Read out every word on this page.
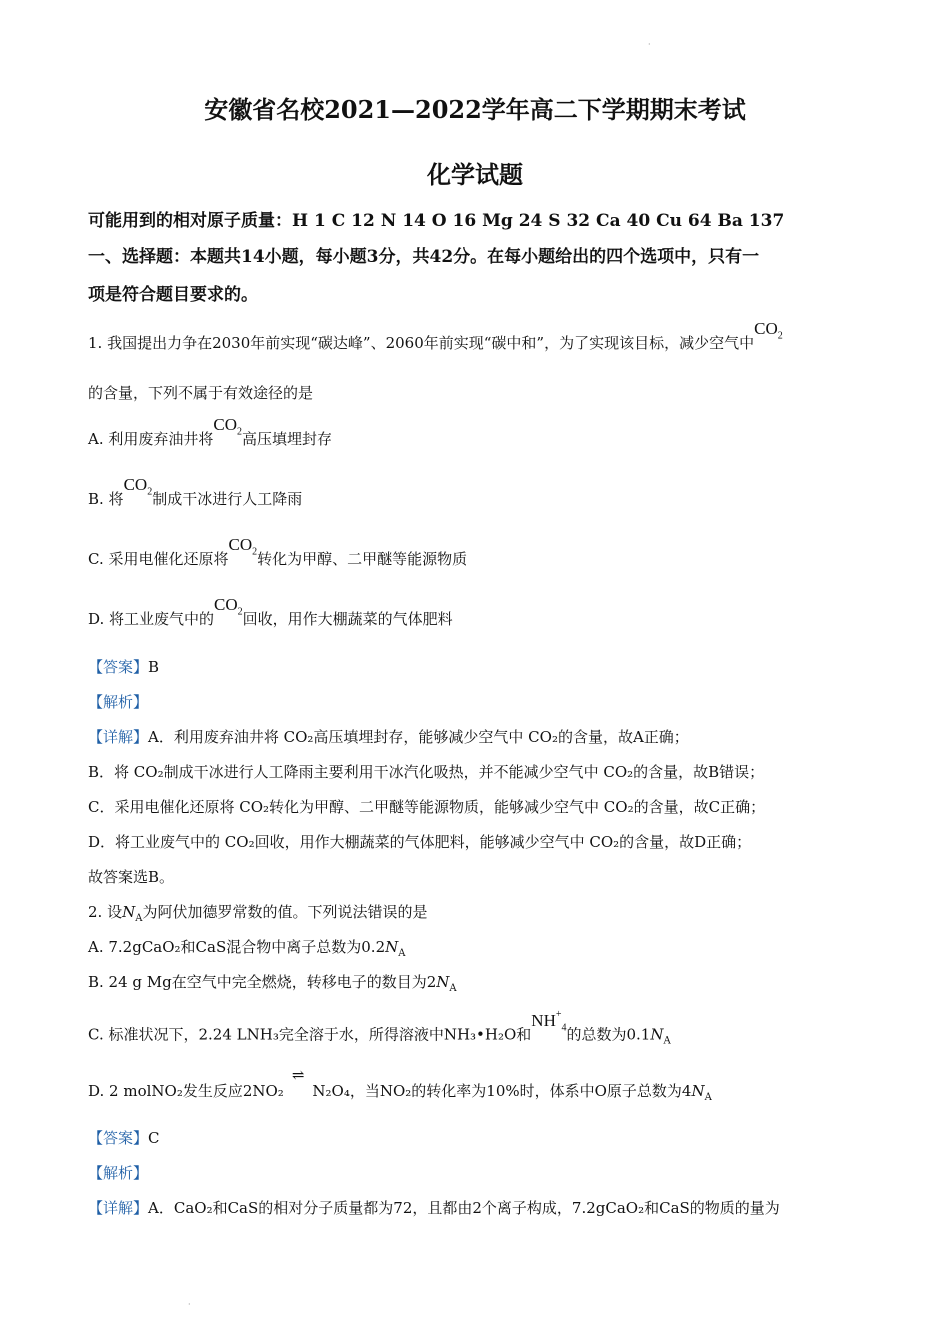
·
安徽省名校2021—2022学年高二下学期期末考试
化学试题
可能用到的相对原子质量：H 1 C 12 N 14 O 16 Mg 24 S 32 Ca 40 Cu 64 Ba 137
一、选择题：本题共14小题，每小题3分，共42分。在每小题给出的四个选项中，只有一
项是符合题目要求的。
1. 我国提出力争在2030年前实现“碳达峰”、2060年前实现“碳中和”，为了实现该目标，减少空气中$CO_2$
的含量，下列不属于有效途径的是
A. 利用废弃油井将$CO_2$高压填埋封存
B. 将$CO_2$制成干冰进行人工降雨
C. 采用电催化还原将$CO_2$转化为甲醇、二甲醚等能源物质
D. 将工业废气中的$CO_2$回收，用作大棚蔬菜的气体肥料
【答案】B
【解析】
【详解】A．利用废弃油井将 CO₂高压填埋封存，能够减少空气中 CO₂的含量，故A正确；
B．将 CO₂制成干冰进行人工降雨主要利用干冰汽化吸热，并不能减少空气中 CO₂的含量，故B错误；
C．采用电催化还原将 CO₂转化为甲醇、二甲醚等能源物质，能够减少空气中 CO₂的含量，故C正确；
D．将工业废气中的 CO₂回收，用作大棚蔬菜的气体肥料，能够减少空气中 CO₂的含量，故D正确；
故答案选B。
2. 设$N_A$为阿伏加德罗常数的值。下列说法错误的是
A. 7.2gCaO₂和CaS混合物中离子总数为$0.2N_A$
B. 24 g Mg在空气中完全燃烧，转移电子的数目为$2N_A$
C. 标准状况下，2.24 LNH₃完全溶于水，所得溶液中NH₃•H₂O和$NH^+_4$的总数为$0.1N_A$
D. 2 molNO₂发生反应2NO₂⇌N₂O₄，当NO₂的转化率为10%时，体系中O原子总数为$4N_A$
【答案】C
【解析】
【详解】A．CaO₂和CaS的相对分子质量都为72，且都由2个离子构成，7.2gCaO₂和CaS的物质的量为
·
